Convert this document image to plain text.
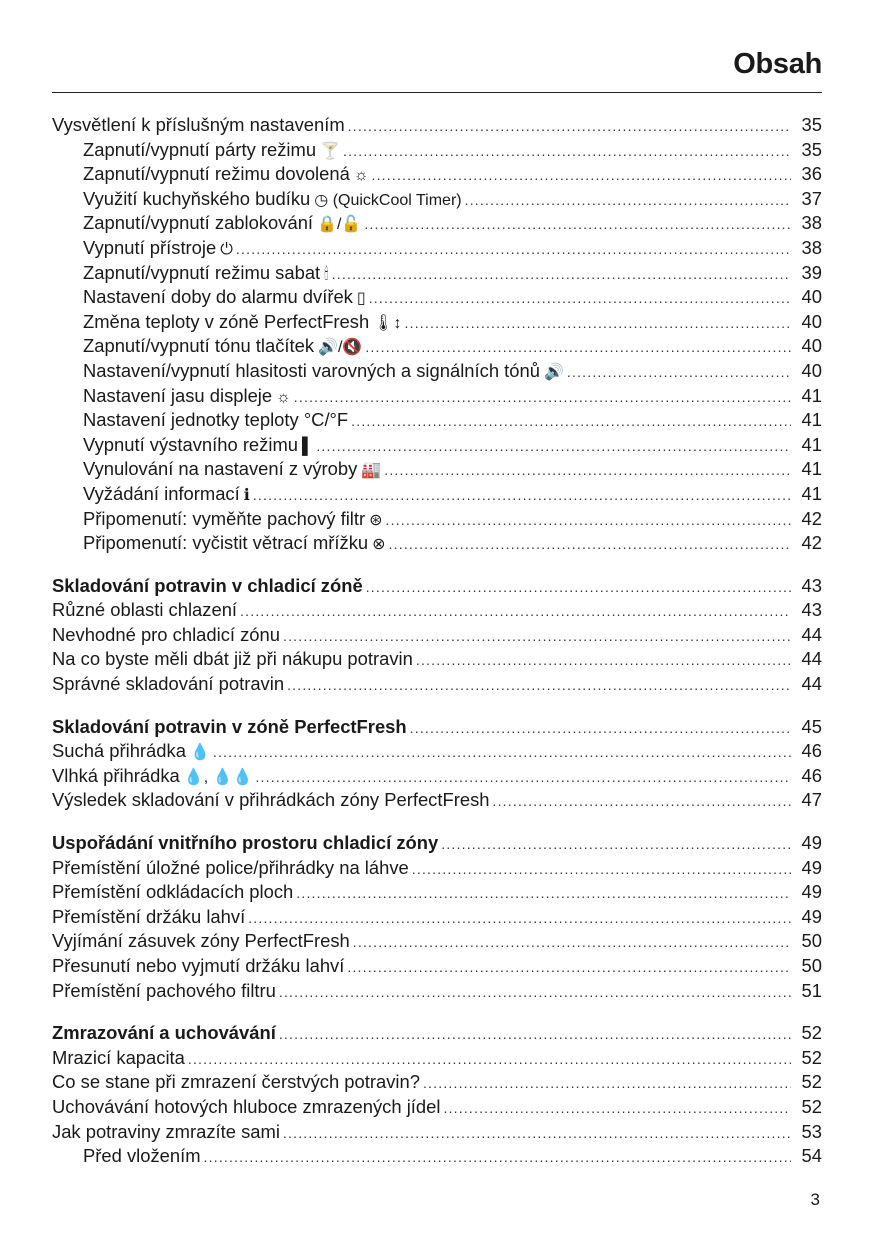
Obsah
Vysvětlení k příslušným nastavením .....	35
Zapnutí/vypnutí párty režimu 🍸 .....	35
Zapnutí/vypnutí režimu dovolená ☼ .....	36
Využití kuchyňského budíku ◷ (QuickCool Timer) .....	37
Zapnutí/vypnutí zablokování 🔒/🔓 .....	38
Vypnutí přístroje ⏻ .....	38
Zapnutí/vypnutí režimu sabat 🕯 .....	39
Nastavení doby do alarmu dvířek ▯ .....	40
Změna teploty v zóně PerfectFresh 🌡↕ .....	40
Zapnutí/vypnutí tónu tlačítek 🔊/🔇 .....	40
Nastavení/vypnutí hlasitosti varovných a signálních tónů 🔊 .....	40
Nastavení jasu displeje ☼ .....	41
Nastavení jednotky teploty °C/°F .....	41
Vypnutí výstavního režimu ▌ .....	41
Vynulování na nastavení z výroby 🏭 .....	41
Vyžádání informací ℹ .....	41
Připomenutí: vyměňte pachový filtr ⊛ .....	42
Připomenutí: vyčistit větrací mřížku ⊗ .....	42
Skladování potravin v chladicí zóně .....	43
Různé oblasti chlazení .....	43
Nevhodné pro chladicí zónu .....	44
Na co byste měli dbát již při nákupu potravin .....	44
Správné skladování potravin .....	44
Skladování potravin v zóně PerfectFresh .....	45
Suchá přihrádka 💧 .....	46
Vlhká přihrádka 💧, 💧💧 .....	46
Výsledek skladování v přihrádkách zóny PerfectFresh .....	47
Uspořádání vnitřního prostoru chladicí zóny .....	49
Přemístění úložné police/přihrádky na láhve .....	49
Přemístění odkládacích ploch .....	49
Přemístění držáku lahví .....	49
Vyjímání zásuvek zóny PerfectFresh .....	50
Přesunutí nebo vyjmutí držáku lahví .....	50
Přemístění pachového filtru .....	51
Zmrazování a uchovávání .....	52
Mrazicí kapacita .....	52
Co se stane při zmrazení čerstvých potravin? .....	52
Uchovávání hotových hluboce zmrazených jídel .....	52
Jak potraviny zmrazíte sami .....	53
Před vložením .....	54
3
